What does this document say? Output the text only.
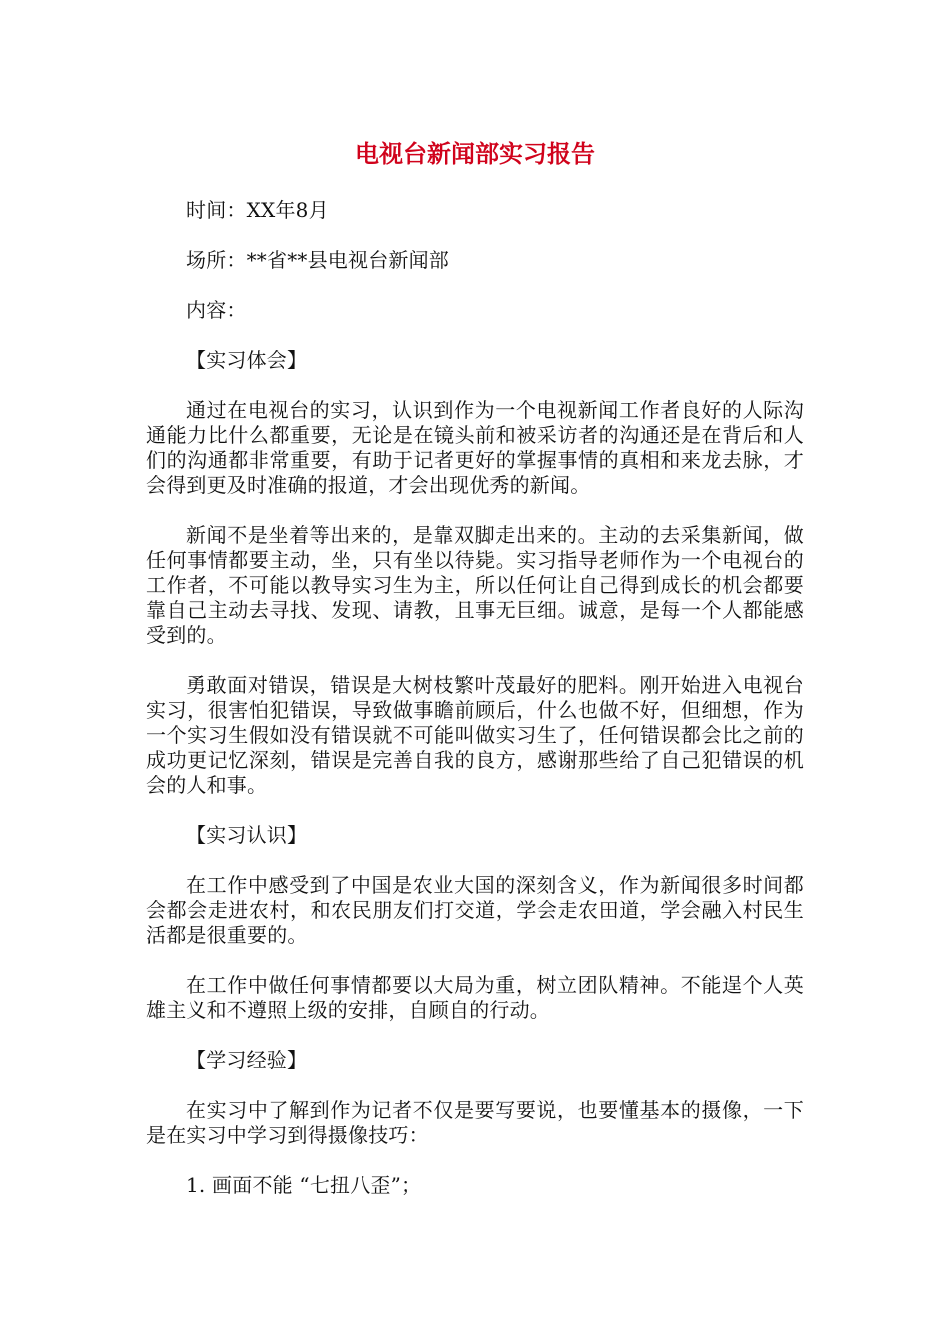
电视台新闻部实习报告

时间：XX年8月

场所：**省**县电视台新闻部

内容：

【实习体会】

通过在电视台的实习，认识到作为一个电视新闻工作者良好的人际沟通能力比什么都重要，无论是在镜头前和被采访者的沟通还是在背后和人们的沟通都非常重要，有助于记者更好的掌握事情的真相和来龙去脉，才会得到更及时准确的报道，才会出现优秀的新闻。

新闻不是坐着等出来的，是靠双脚走出来的。主动的去采集新闻，做任何事情都要主动，坐，只有坐以待毙。实习指导老师作为一个电视台的工作者，不可能以教导实习生为主，所以任何让自己得到成长的机会都要靠自己主动去寻找、发现、请教，且事无巨细。诚意，是每一个人都能感受到的。

勇敢面对错误，错误是大树枝繁叶茂最好的肥料。刚开始进入电视台实习，很害怕犯错误，导致做事瞻前顾后，什么也做不好，但细想，作为一个实习生假如没有错误就不可能叫做实习生了，任何错误都会比之前的成功更记忆深刻，错误是完善自我的良方，感谢那些给了自己犯错误的机会的人和事。

【实习认识】

在工作中感受到了中国是农业大国的深刻含义，作为新闻很多时间都会都会走进农村，和农民朋友们打交道，学会走农田道，学会融入村民生活都是很重要的。

在工作中做任何事情都要以大局为重，树立团队精神。不能逞个人英雄主义和不遵照上级的安排，自顾自的行动。

【学习经验】

在实习中了解到作为记者不仅是要写要说，也要懂基本的摄像，一下是在实习中学习到得摄像技巧：

1. 画面不能 “七扭八歪”；
